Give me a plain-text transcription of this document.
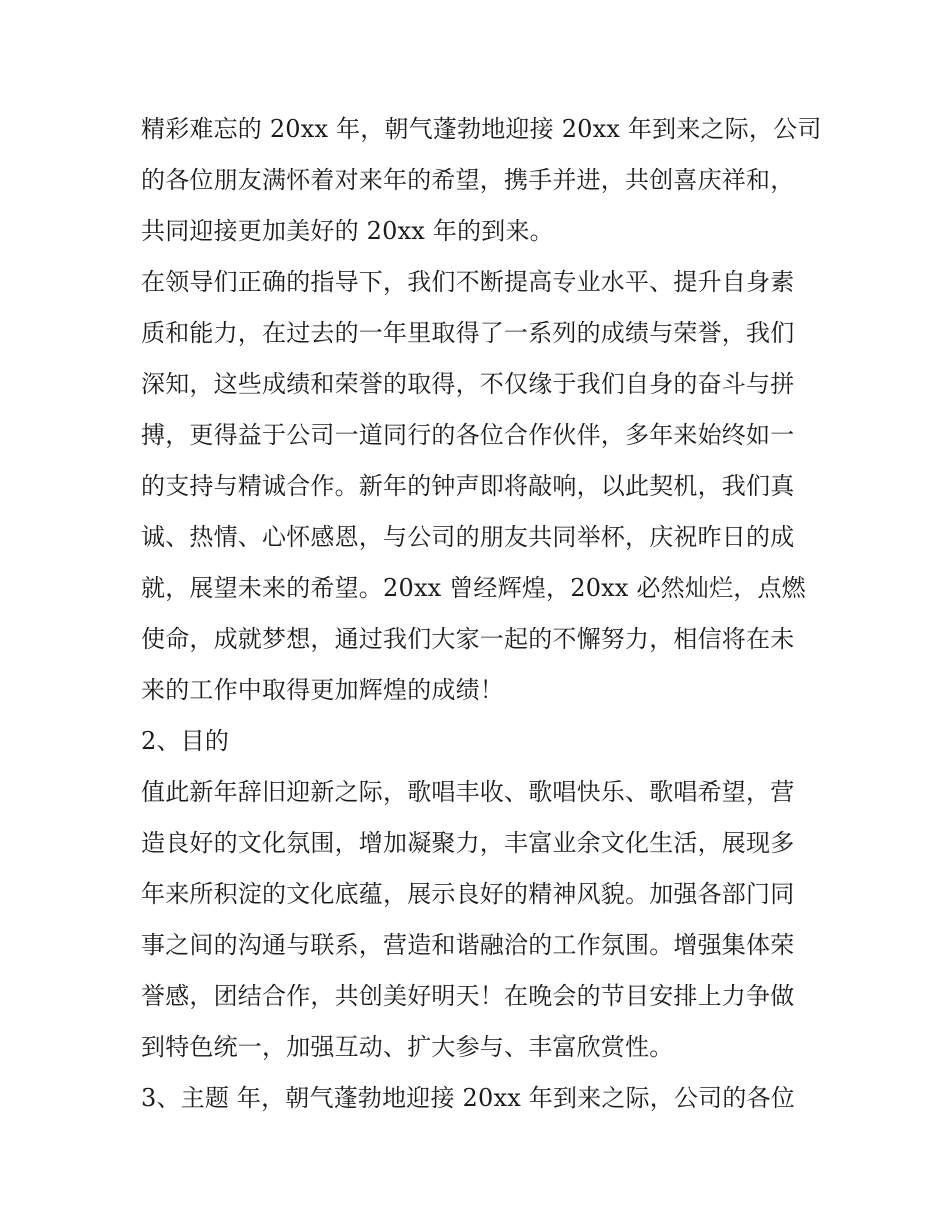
精彩难忘的 20xx 年，朝气蓬勃地迎接 20xx 年到来之际，公司
的各位朋友满怀着对来年的希望，携手并进，共创喜庆祥和，
共同迎接更加美好的 20xx 年的到来。
在领导们正确的指导下，我们不断提高专业水平、提升自身素
质和能力，在过去的一年里取得了一系列的成绩与荣誉，我们
深知，这些成绩和荣誉的取得，不仅缘于我们自身的奋斗与拼
搏，更得益于公司一道同行的各位合作伙伴，多年来始终如一
的支持与精诚合作。新年的钟声即将敲响，以此契机，我们真
诚、热情、心怀感恩，与公司的朋友共同举杯，庆祝昨日的成
就，展望未来的希望。20xx 曾经辉煌，20xx 必然灿烂，点燃
使命，成就梦想，通过我们大家一起的不懈努力，相信将在未
来的工作中取得更加辉煌的成绩！
2、目的
值此新年辞旧迎新之际，歌唱丰收、歌唱快乐、歌唱希望，营
造良好的文化氛围，增加凝聚力，丰富业余文化生活，展现多
年来所积淀的文化底蕴，展示良好的精神风貌。加强各部门同
事之间的沟通与联系，营造和谐融洽的工作氛围。增强集体荣
誉感，团结合作，共创美好明天！在晚会的节目安排上力争做
到特色统一，加强互动、扩大参与、丰富欣赏性。
3、主题 年，朝气蓬勃地迎接 20xx 年到来之际，公司的各位
